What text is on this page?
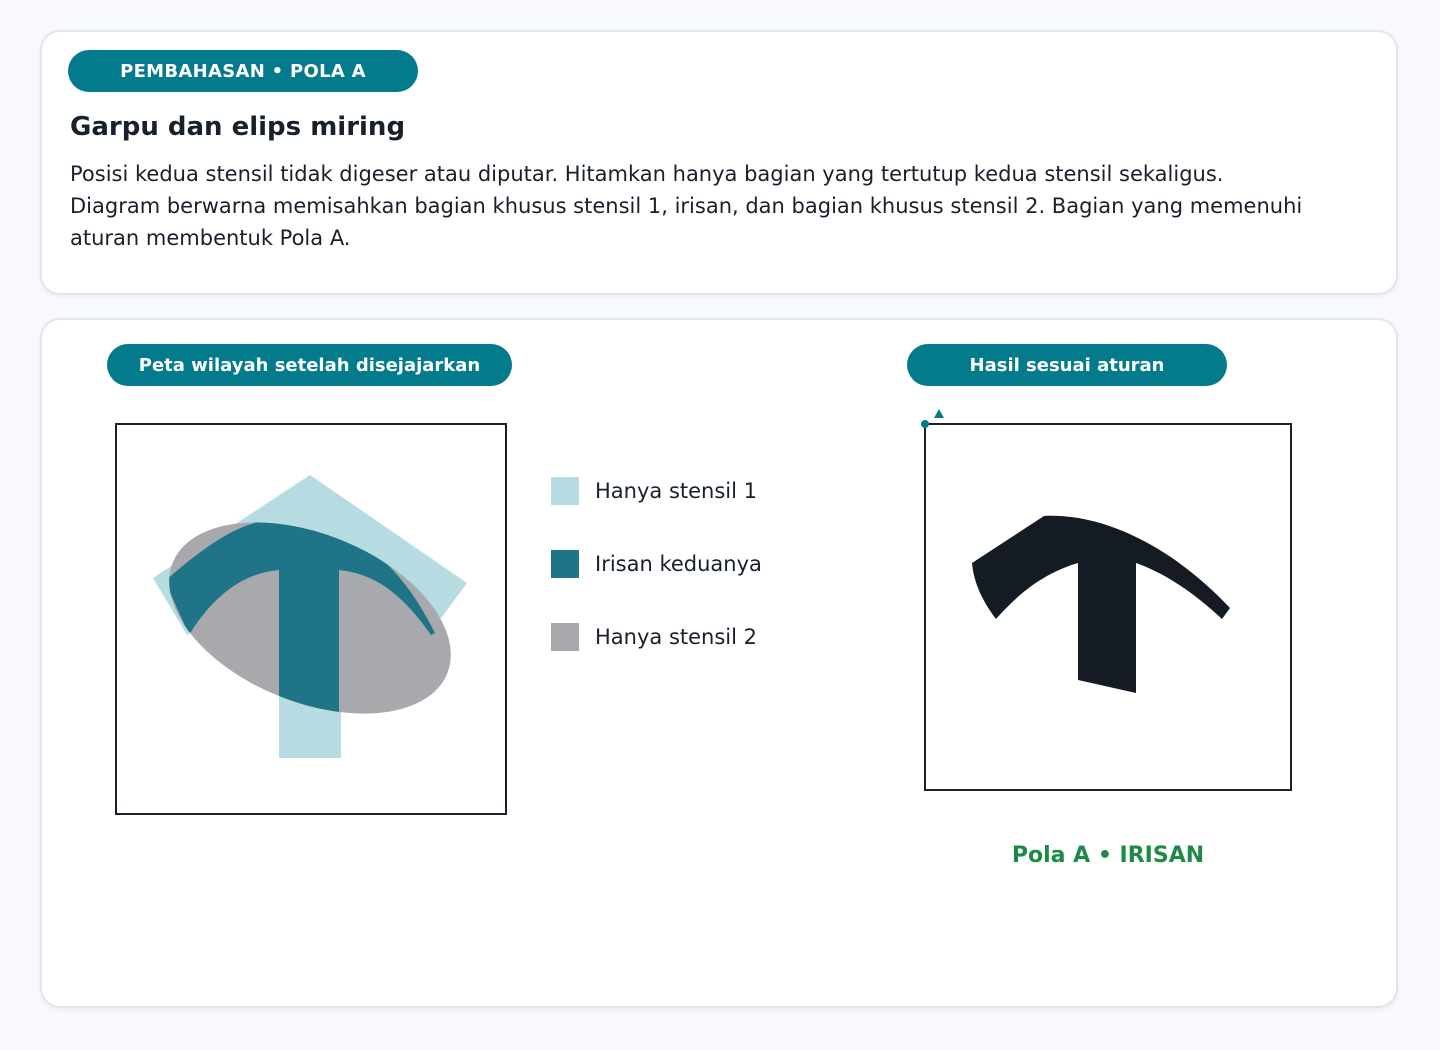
PEMBAHASAN • POLA A
Garpu dan elips miring

Posisi kedua stensil tidak digeser atau diputar. Hitamkan hanya bagian yang tertutup kedua stensil sekaligus. Diagram berwarna memisahkan bagian khusus stensil 1, irisan, dan bagian khusus stensil 2. Bagian yang memenuhi aturan membentuk Pola A.

Peta wilayah setelah disejajarkan	Hasil sesuai aturan
Hanya stensil 1
Irisan keduanya
Hanya stensil 2
Pola A • IRISAN
